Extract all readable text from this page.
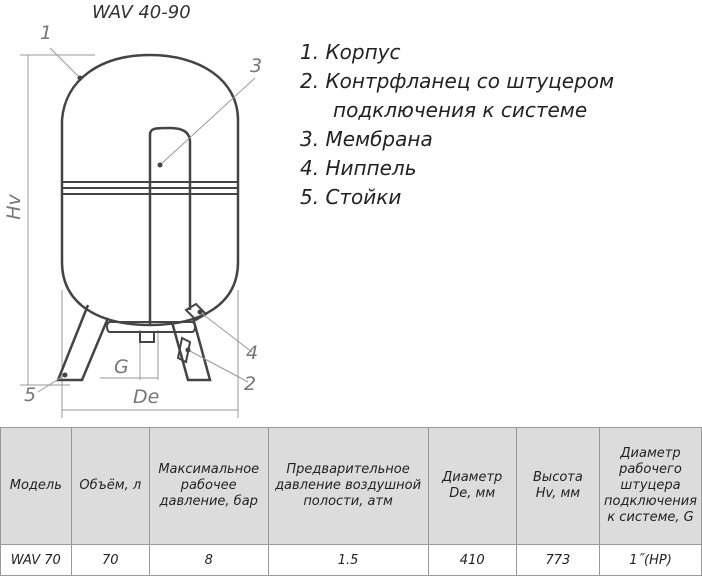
WAV 40-90
1
3
4
2
5
Hv
G
De
1. Корпус
2. Контрфланец со штуцером
подключения к системе
3. Мембрана
4. Ниппель
5. Стойки
Модель	Объём, л	Максимальное рабочее давление, бар	Предварительное давление воздушной полости, атм	Диаметр De, мм	Высота Hv, мм	Диаметр рабочего штуцера подключения к системе, G
WAV 70	70	8	1.5	410	773	1˝(НР)
